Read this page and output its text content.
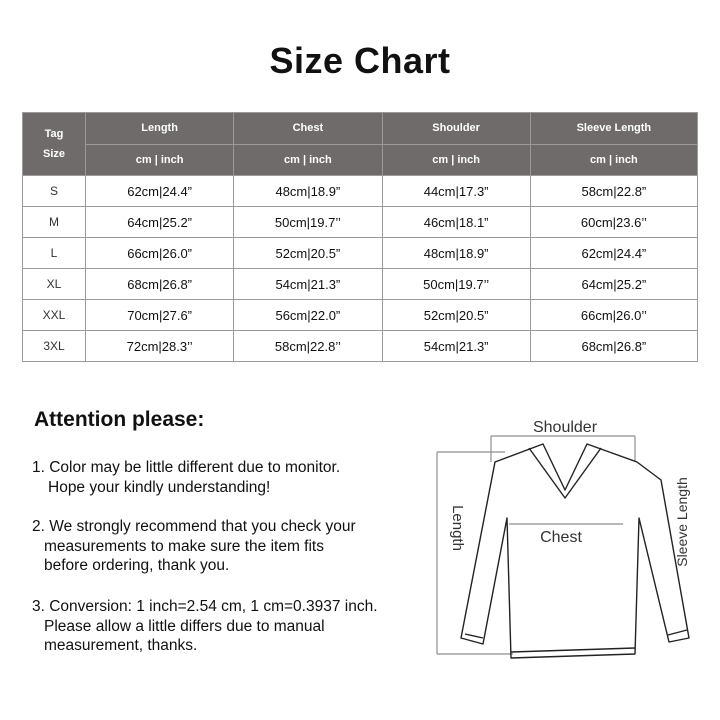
Size Chart
Tag
Size	Length	Chest	Shoulder	Sleeve Length
	cm | inch	cm | inch	cm | inch	cm | inch
S	62cm|24.4”	48cm|18.9”	44cm|17.3”	58cm|22.8”
M	64cm|25.2”	50cm|19.7’’	46cm|18.1”	60cm|23.6’’
L	66cm|26.0”	52cm|20.5”	48cm|18.9”	62cm|24.4”
XL	68cm|26.8”	54cm|21.3”	50cm|19.7’’	64cm|25.2”
XXL	70cm|27.6”	56cm|22.0”	52cm|20.5”	66cm|26.0’’
3XL	72cm|28.3’’	58cm|22.8’’	54cm|21.3”	68cm|26.8”
Attention please:

1. Color may be little different due to monitor.
Hope your kindly understanding!

2. We strongly recommend that you check your
measurements to make sure the item fits
before ordering, thank you.

3. Conversion: 1 inch=2.54 cm, 1 cm=0.3937 inch.
Please allow a little differs due to manual
measurement, thanks.

Shoulder
Chest
Length	Sleeve Length
